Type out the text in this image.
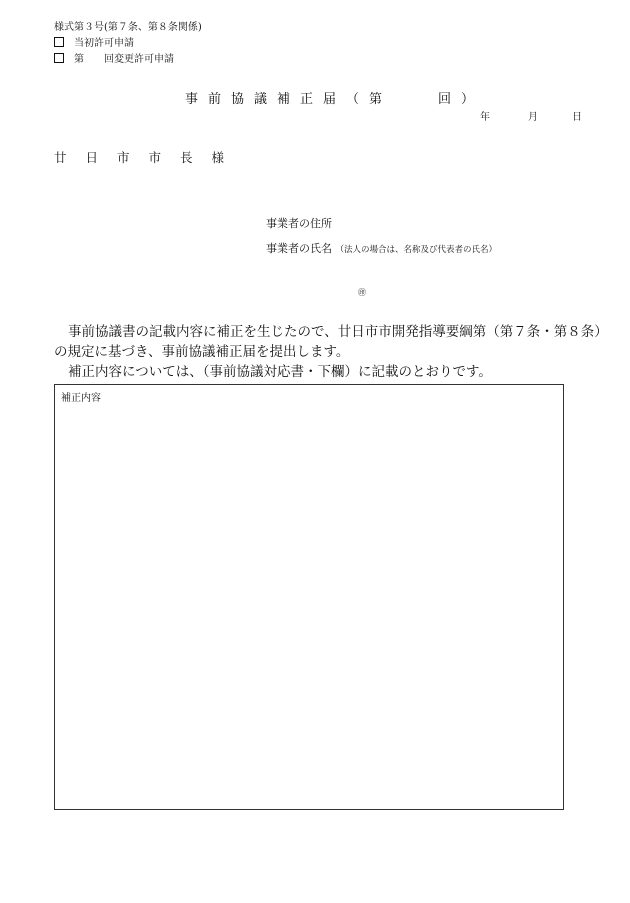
様式第３号(第７条、第８条関係)
当初許可申請
第　　回変更許可申請
事前協議補正届（第　　回）
年	月	日
廿日市市長様
事業者の住所
事業者の氏名 （法人の場合は、名称及び代表者の氏名）
㊞
事前協議書の記載内容に補正を生じたので、廿日市市開発指導要綱第（第７条・第８条）
の規定に基づき、事前協議補正届を提出します。
補正内容については、（事前協議対応書・下欄）に記載のとおりです。
補正内容
